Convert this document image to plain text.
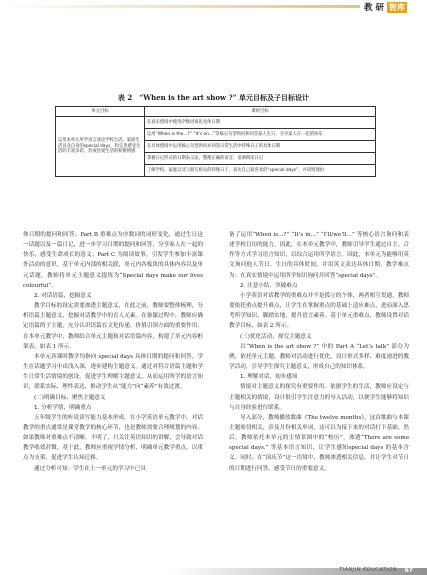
教 研 智库
表 2　“When is the art show ?” 单元目标及子目标设计
单元目标	课时目标
运用本单元所学语言谈论学校生活，家庭生活以及自身的special days，和完善感受生活的丰富多彩，形成热爱生活的积极情感	在真实情境中使用序数词谈论具体日期
	运用“When is the...?” “It’s on...”等核心句型询问和回答某人生日，分享家人在一起的快乐
	在具体情境中运用核心句型询问并回答日常生活中特殊日子的具体日期
	掌握日记形式的日期表示法，整理正确的语音，语调朗读日记
	了解学校，家庭以及与朋友相关的特殊日子，表达自己最喜欢的“special days”，并说明理由

体日期的提问和回答；Part B 重难点为序数词的词形变化，通过生日这一话题以及一篇日记，进一步学习日期的提问和回答，分享家人在一起的快乐，感受生命成长的意义；Part C 为阅读故事，引发学生参加丰富课外活动的意识。基于单元内部的相关联，单元内各板块的具体内容以及单元话题，教师将单元主题意义提炼为“Special days make our lives colourful”。

2. 对话语篇，挖掘意义

教学目标的设定需要渗透主题意义，在此之前，教师要整体梳理，分析语篇主题意义，挖掘对话教学中的育人元素。在备课过程中，教师应确定语篇的子主题，充分认识语篇在文化传递、价值引领方面的重要作用。在本单元教学中，教师结合单元主题和对话语篇内容，构建了单元内容框架表，如表 1 所示。

本单元各课时教学均指向 special days 具体日期的提问和回答。学生在话题学习中由浅入深，逐步建构主题意义。通过对符合语篇主题和学生日常生活情境的创设，促进学生理解主题意义，从而运用所学的语言知识，联系实际、理性表达，推动学生从“能力”向“素养”有效过渡。

(二)明确目标，聚焦主题意义

1. 分析学情，明确重点

五年级学生的听说读写能力基本形成。在小学英语单元教学中，对话教学的重点通常是课堂教学的核心环节，也是教师需要合理规划的内容。如果教师对重难点不清晰、不明了，只关注英语知识的讲解，会导致对话教学收效甚微。基于此，教师应重视学情分析，明确单元教学重点，以重点为支架，促进学生认知迁移。

通过分析可知：学生在上一单元的学习中已具

备了运用“When is...?” “It’s in...” “I’ll/we’ll...” 等核心语言询问和表述学校日历的能力。因此，在本单元教学中，教师引导学生通过自主、合作等方式学习语言知识，以综合运用所学语言。因此，本单元为能够用英文询问他人节日、生日的具体时间，并用英文表达具体日期。教学难点为：在真实情境中运用所学知识询问并回答“special days”。

2. 注意小结，突破难点

小学英语对话教学的重难点并不是孤立的个体，两者相互贯通。教师要依托重点提升难点，让学生在掌握重点的基础上适应难点，进而深入思考所学知识，脚踏实地，提升语言素养。基于单元重难点，教师设置对话教学目标，如表 2 所示。

(三)优化活动，探究主题意义

以“When is the art show ?” 中的 Part A “Let’s talk” 部分为例，依托单元主题，教师对活动进行优化，设计形式多样、难度递进的教学活动，引导学生探究主题意义，形成自己的知识体系。

1. 理解对话，初步感知

情境对主题意义的探究有重要作用。依据学生的生活，教师应设定与主题相关的情境，设计很引学生注意力的导入活动，以便学生能够将知识与自身经验进行联系。

导入部分，教师播放歌曲《The twelve months》，这首歌曲与本课主题密切相关，涉及月份相关单词，这可以为接下来的对话打下基础。然后，教师依托本单元的主情景图中的“校历”，渗透“There are some special days.” 等基本语言知识，让学生感知special days 的基本含义。同时，在“国庆节”这一语境中，教师渗透相关信息，并让学生对节日的日期进行问答，感受节日的重要意义。

TIANJIN EDUCATION 67
